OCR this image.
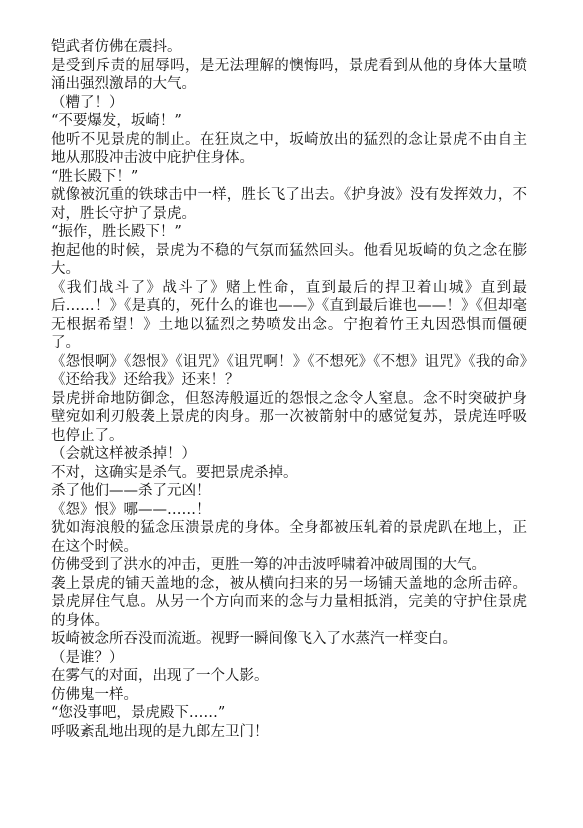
铠武者仿佛在震抖。

是受到斥责的屈辱吗，是无法理解的懊悔吗，景虎看到从他的身体大量喷涌出强烈激昂的大气。

（糟了！）

“不要爆发，坂崎！”

他听不见景虎的制止。在狂岚之中，坂崎放出的猛烈的念让景虎不由自主地从那股冲击波中庇护住身体。

“胜长殿下！”

就像被沉重的铁球击中一样，胜长飞了出去。《护身波》没有发挥效力，不对，胜长守护了景虎。

“振作，胜长殿下！”

抱起他的时候，景虎为不稳的气氛而猛然回头。他看见坂崎的负之念在膨大。

《我们战斗了》战斗了》赌上性命，直到最后的捍卫着山城》直到最后……！》《是真的，死什么的谁也——》《直到最后谁也——！》《但却毫无根据希望！》土地以猛烈之势喷发出念。宁抱着竹王丸因恐惧而僵硬了。

《怨恨啊》《怨恨》《诅咒》《诅咒啊！》《不想死》《不想》诅咒》《我的命》《还给我》还给我》还来！？

景虎拼命地防御念，但怒涛般逼近的怨恨之念令人窒息。念不时突破护身壁宛如利刃般袭上景虎的肉身。那一次被箭射中的感觉复苏，景虎连呼吸也停止了。

（会就这样被杀掉！）

不对，这确实是杀气。要把景虎杀掉。

杀了他们——杀了元凶！

《怨》恨》哪——……！

犹如海浪般的猛念压溃景虎的身体。全身都被压轧着的景虎趴在地上，正在这个时候。

仿佛受到了洪水的冲击，更胜一筹的冲击波呼啸着冲破周围的大气。

袭上景虎的铺天盖地的念，被从横向扫来的另一场铺天盖地的念所击碎。景虎屏住气息。从另一个方向而来的念与力量相抵消，完美的守护住景虎的身体。

坂崎被念所吞没而流逝。视野一瞬间像飞入了水蒸汽一样变白。

（是谁？）

在雾气的对面，出现了一个人影。

仿佛鬼一样。

“您没事吧，景虎殿下……”

呼吸紊乱地出现的是九郎左卫门！
